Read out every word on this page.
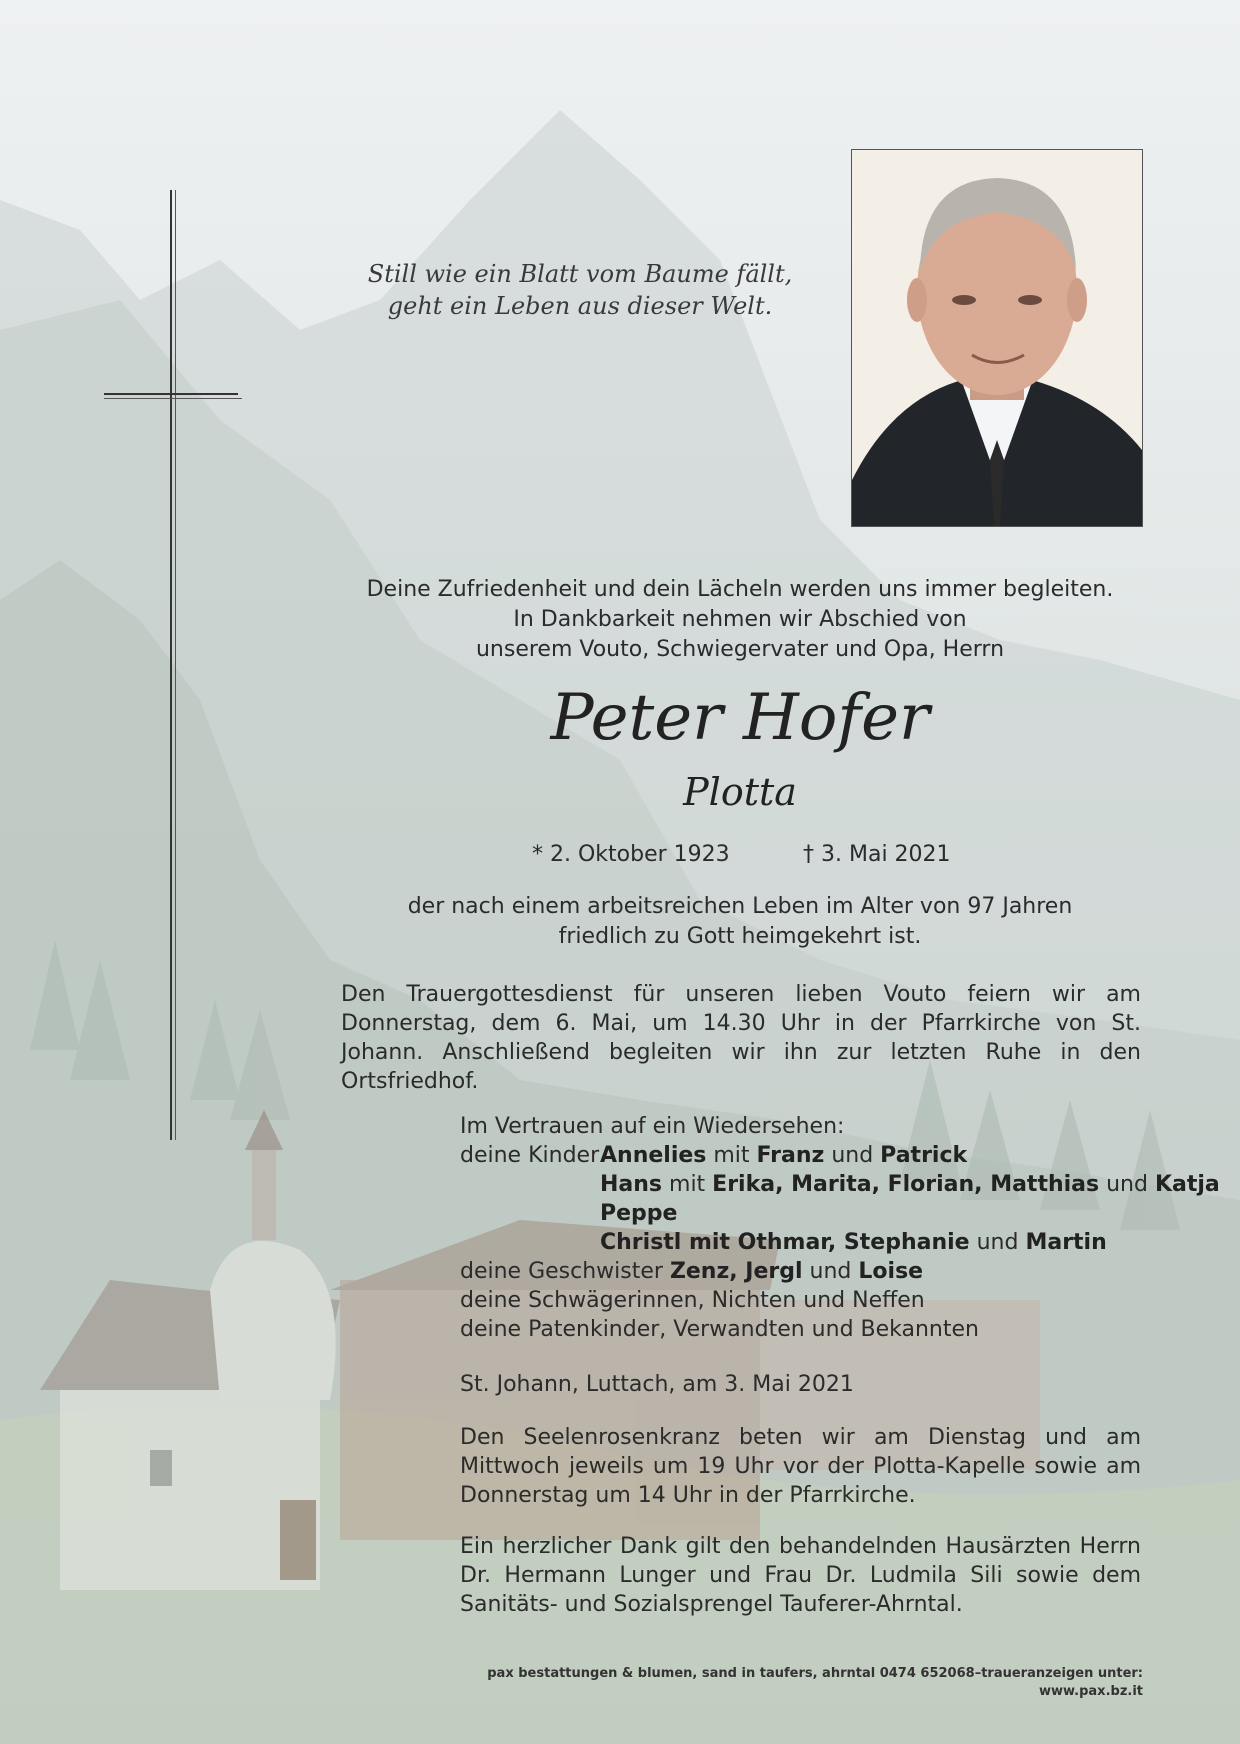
Still wie ein Blatt vom Baume fällt,
geht ein Leben aus dieser Welt.
Deine Zufriedenheit und dein Lächeln werden uns immer begleiten.
In Dankbarkeit nehmen wir Abschied von
unserem Vouto, Schwiegervater und Opa, Herrn
Peter Hofer
Plotta
* 2. Oktober 1923	† 3. Mai 2021
der nach einem arbeitsreichen Leben im Alter von 97 Jahren
friedlich zu Gott heimgekehrt ist.
Den Trauergottesdienst für unseren lieben Vouto feiern wir am Donnerstag, dem 6. Mai, um 14.30 Uhr in der Pfarrkirche von St. Johann. Anschließend begleiten wir ihn zur letzten Ruhe in den Ortsfriedhof.
Im Vertrauen auf ein Wiedersehen:
deine Kinder Annelies mit Franz und Patrick
Hans mit Erika, Marita, Florian, Matthias und Katja
Peppe
Christl mit Othmar, Stephanie und Martin
deine Geschwister Zenz, Jergl und Loise
deine Schwägerinnen, Nichten und Neffen
deine Patenkinder, Verwandten und Bekannten
St. Johann, Luttach, am 3. Mai 2021
Den Seelenrosenkranz beten wir am Dienstag und am Mittwoch jeweils um 19 Uhr vor der Plotta-Kapelle sowie am Donnerstag um 14 Uhr in der Pfarrkirche.
Ein herzlicher Dank gilt den behandelnden Hausärzten Herrn Dr. Hermann Lunger und Frau Dr. Ludmila Sili sowie dem Sanitäts- und Sozialsprengel Tauferer-Ahrntal.
pax bestattungen & blumen, sand in taufers, ahrntal 0474 652068–traueranzeigen unter: www.pax.bz.it
